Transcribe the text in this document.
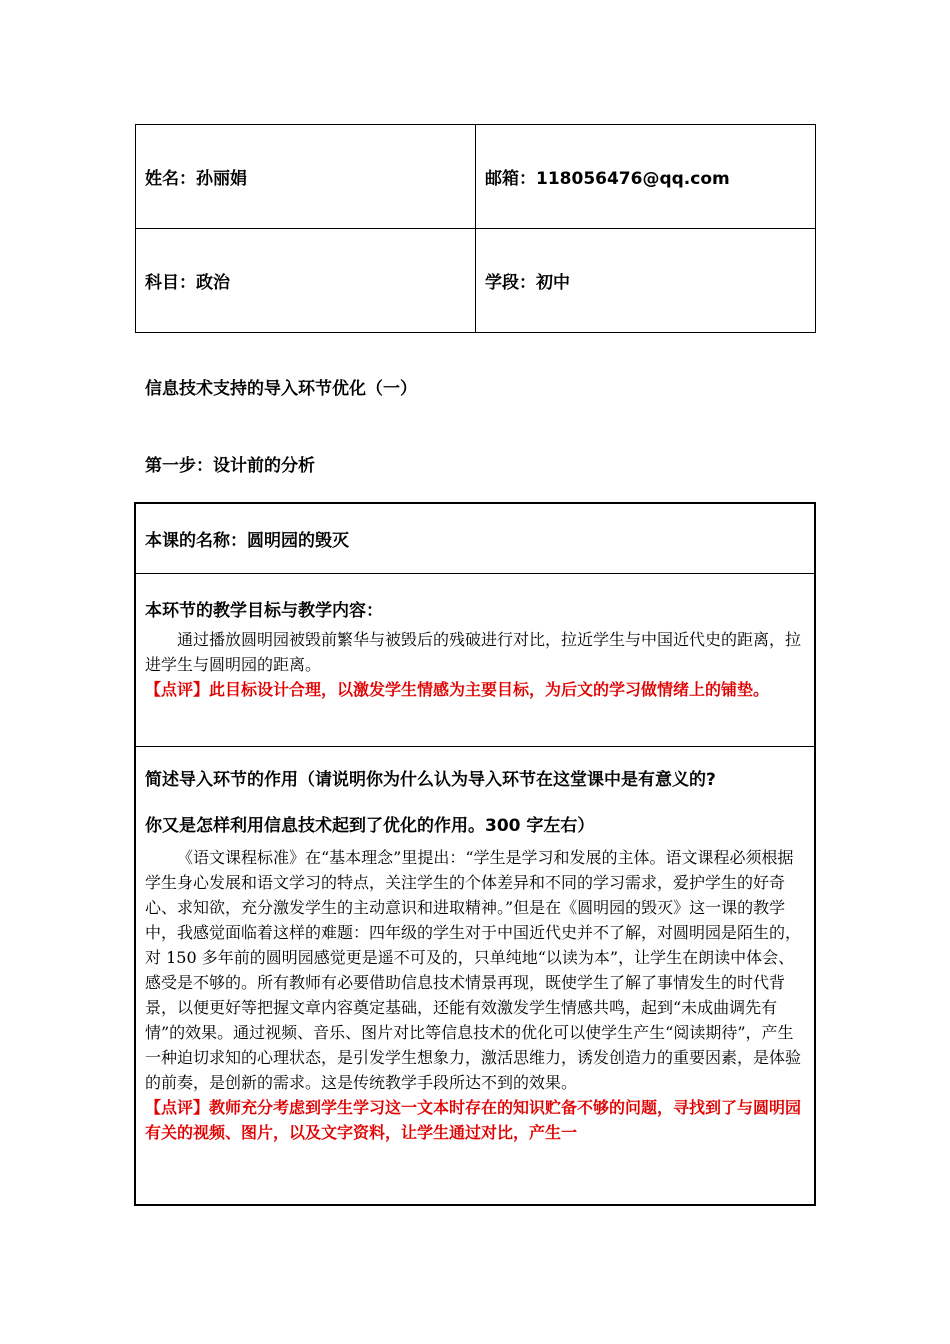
姓名：孙丽娟	邮箱：118056476@qq.com
科目：政治	学段：初中

信息技术支持的导入环节优化（一）

第一步：设计前的分析

本课的名称：圆明园的毁灭

本环节的教学目标与教学内容：

通过播放圆明园被毁前繁华与被毁后的残破进行对比，拉近学生与中国近代史的距离，拉进学生与圆明园的距离。

【点评】此目标设计合理，以激发学生情感为主要目标，为后文的学习做情绪上的铺垫。

简述导入环节的作用（请说明你为什么认为导入环节在这堂课中是有意义的?

你又是怎样利用信息技术起到了优化的作用。300 字左右）

《语文课程标准》在“基本理念”里提出：“学生是学习和发展的主体。语文课程必须根据学生身心发展和语文学习的特点，关注学生的个体差异和不同的学习需求，爱护学生的好奇心、求知欲，充分激发学生的主动意识和进取精神。”但是在《圆明园的毁灭》这一课的教学中，我感觉面临着这样的难题：四年级的学生对于中国近代史并不了解，对圆明园是陌生的，对 150 多年前的圆明园感觉更是遥不可及的，只单纯地“以读为本”，让学生在朗读中体会、感受是不够的。所有教师有必要借助信息技术情景再现，既使学生了解了事情发生的时代背景，以便更好等把握文章内容奠定基础，还能有效激发学生情感共鸣，起到“未成曲调先有情”的效果。通过视频、音乐、图片对比等信息技术的优化可以使学生产生“阅读期待”，产生一种迫切求知的心理状态，是引发学生想象力，激活思维力，诱发创造力的重要因素，是体验的前奏，是创新的需求。这是传统教学手段所达不到的效果。

【点评】教师充分考虑到学生学习这一文本时存在的知识贮备不够的问题，寻找到了与圆明园有关的视频、图片，以及文字资料，让学生通过对比，产生一
